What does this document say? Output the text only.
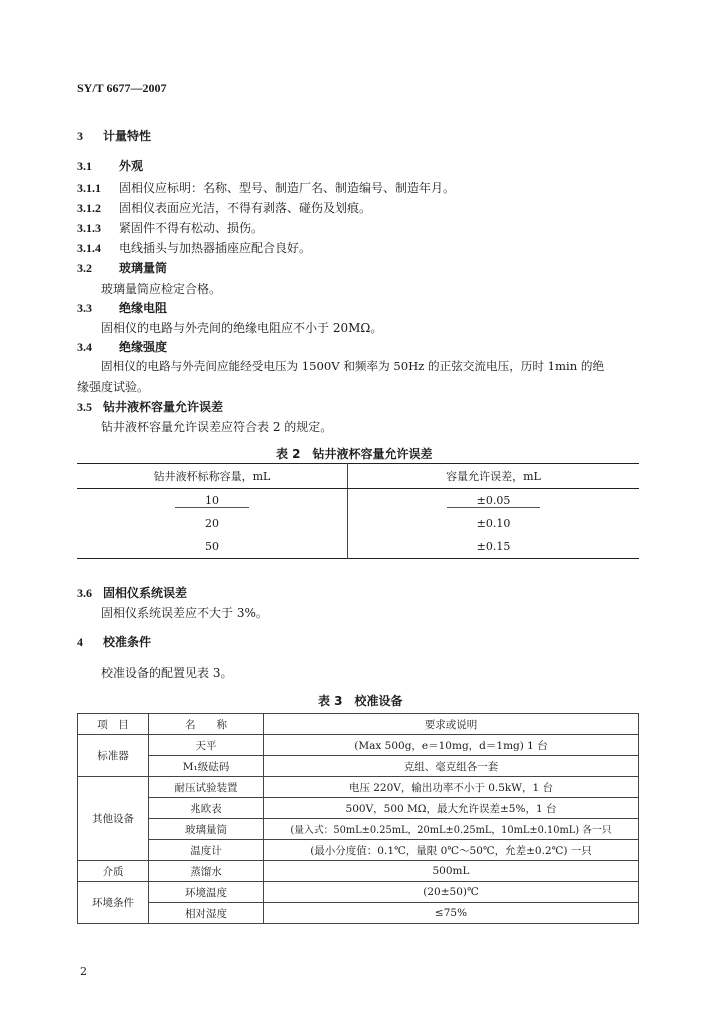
SY/T 6677—2007
3 计量特性
3.1 外观
3.1.1 固相仪应标明：名称、型号、制造厂名、制造编号、制造年月。
3.1.2 固相仪表面应光洁，不得有剥落、碰伤及划痕。
3.1.3 紧固件不得有松动、损伤。
3.1.4 电线插头与加热器插座应配合良好。
3.2 玻璃量筒
玻璃量筒应检定合格。
3.3 绝缘电阻
固相仪的电路与外壳间的绝缘电阻应不小于 20MΩ。
3.4 绝缘强度
固相仪的电路与外壳间应能经受电压为 1500V 和频率为 50Hz 的正弦交流电压，历时 1min 的绝
缘强度试验。
3.5 钻井液杯容量允许误差
钻井液杯容量允许误差应符合表 2 的规定。
表 2　钻井液杯容量允许误差
钻井液杯标称容量，mL	容量允许误差，mL
10	±0.05
20	±0.10
50	±0.15
3.6 固相仪系统误差
固相仪系统误差应不大于 3%。
4 校准条件
校准设备的配置见表 3。
表 3　校准设备
项　目	名　　称	要求或说明
标准器	天平	(Max 500g，e＝10mg，d＝1mg) 1 台
	M₁级砝码	克组、毫克组各一套
其他设备	耐压试验装置	电压 220V，输出功率不小于 0.5kW，1 台
	兆欧表	500V，500 MΩ，最大允许误差±5%，1 台
	玻璃量筒	(量入式：50mL±0.25mL，20mL±0.25mL，10mL±0.10mL) 各一只
	温度计	(最小分度值：0.1℃，量限 0℃～50℃，允差±0.2℃) 一只
介质	蒸馏水	500mL
环境条件	环境温度	(20±50)℃
	相对湿度	≤75%
2
